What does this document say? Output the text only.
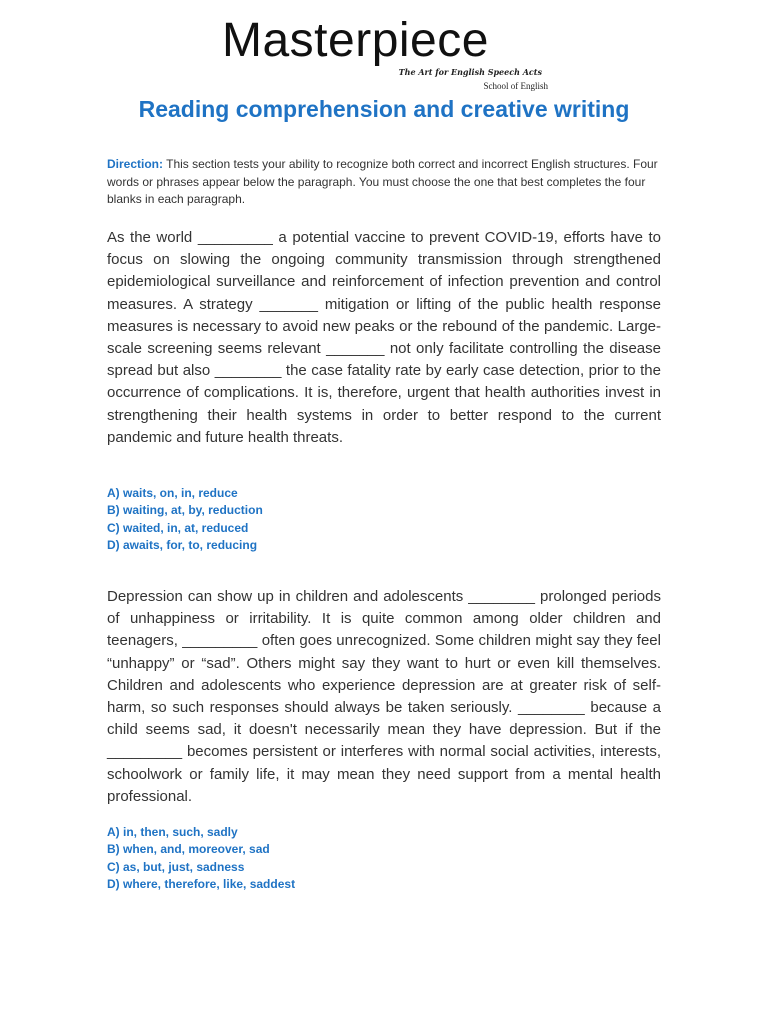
Masterpiece
The Art for English Speech Acts
School of English
Reading comprehension and creative writing
Direction: This section tests your ability to recognize both correct and incorrect English structures. Four words or phrases appear below the paragraph. You must choose the one that best completes the four blanks in each paragraph.

As the world _________ a potential vaccine to prevent COVID-19, efforts have to focus on slowing the ongoing community transmission through strengthened epidemiological surveillance and reinforcement of infection prevention and control measures. A strategy _______ mitigation or lifting of the public health response measures is necessary to avoid new peaks or the rebound of the pandemic. Large-scale screening seems relevant _______ not only facilitate controlling the disease spread but also ________ the case fatality rate by early case detection, prior to the occurrence of complications. It is, therefore, urgent that health authorities invest in strengthening their health systems in order to better respond to the current pandemic and future health threats.

A) waits, on, in, reduce
B) waiting, at, by, reduction
C) waited, in, at, reduced
D) awaits, for, to, reducing

Depression can show up in children and adolescents ________ prolonged periods of unhappiness or irritability. It is quite common among older children and teenagers, _________ often goes unrecognized. Some children might say they feel “unhappy” or “sad”. Others might say they want to hurt or even kill themselves. Children and adolescents who experience depression are at greater risk of self-harm, so such responses should always be taken seriously. ________ because a child seems sad, it doesn't necessarily mean they have depression. But if the _________ becomes persistent or interferes with normal social activities, interests, schoolwork or family life, it may mean they need support from a mental health professional.

A) in, then, such, sadly
B) when, and, moreover, sad
C) as, but, just, sadness
D) where, therefore, like, saddest
